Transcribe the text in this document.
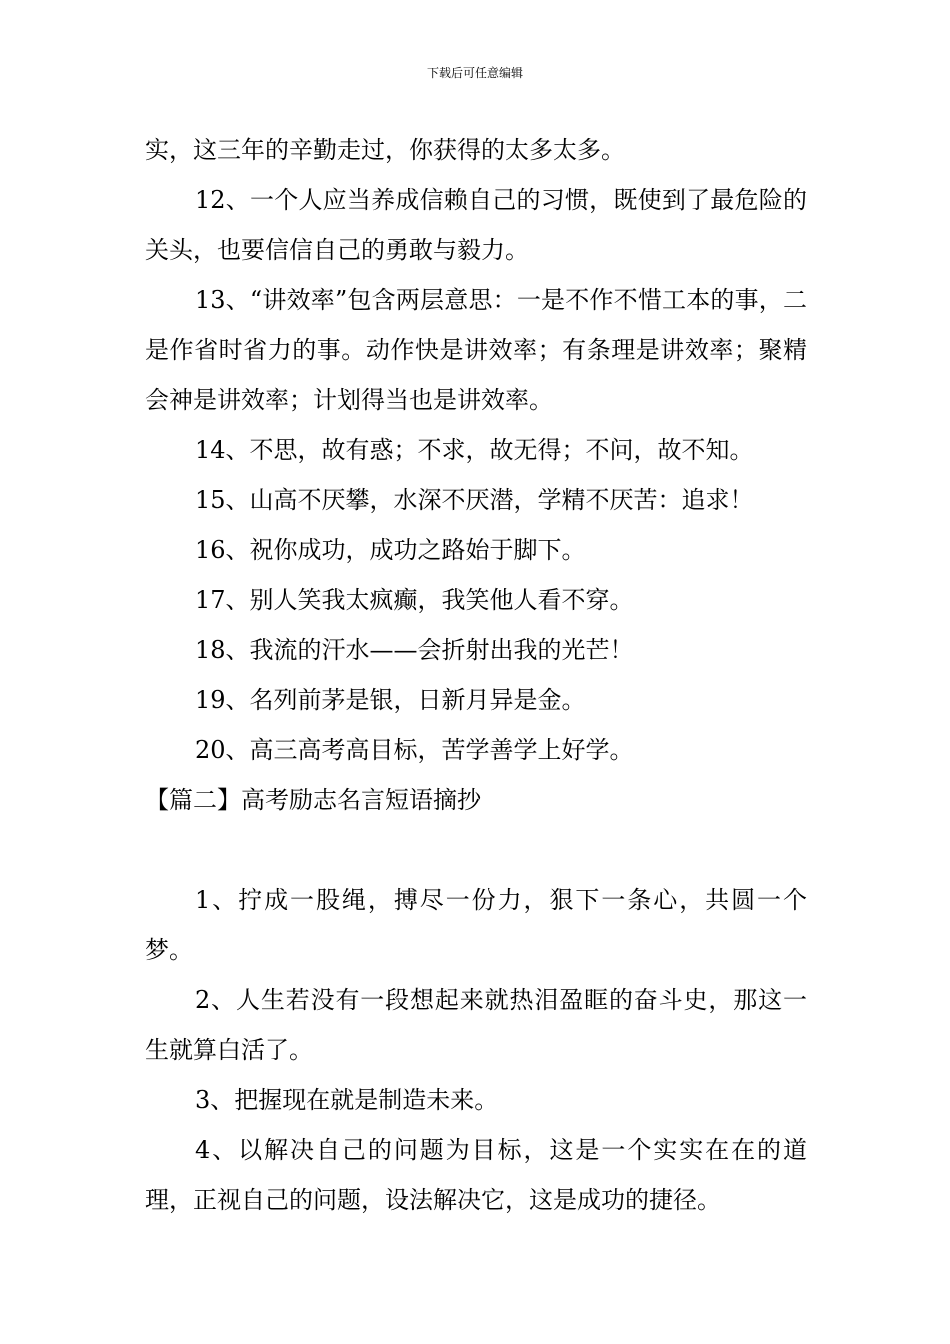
下载后可任意编辑

实，这三年的辛勤走过，你获得的太多太多。

12、一个人应当养成信赖自己的习惯，既使到了最危险的关头，也要信信自己的勇敢与毅力。

13、“讲效率”包含两层意思：一是不作不惜工本的事，二是作省时省力的事。动作快是讲效率；有条理是讲效率；聚精会神是讲效率；计划得当也是讲效率。

14、不思，故有惑；不求，故无得；不问，故不知。

15、山高不厌攀，水深不厌潜，学精不厌苦：追求！

16、祝你成功，成功之路始于脚下。

17、别人笑我太疯癫，我笑他人看不穿。

18、我流的汗水——会折射出我的光芒！

19、名列前茅是银，日新月异是金。

20、高三高考高目标，苦学善学上好学。

【篇二】高考励志名言短语摘抄

1、拧成一股绳，搏尽一份力，狠下一条心，共圆一个梦。

2、人生若没有一段想起来就热泪盈眶的奋斗史，那这一生就算白活了。

3、把握现在就是制造未来。

4、以解决自己的问题为目标，这是一个实实在在的道理，正视自己的问题，设法解决它，这是成功的捷径。
